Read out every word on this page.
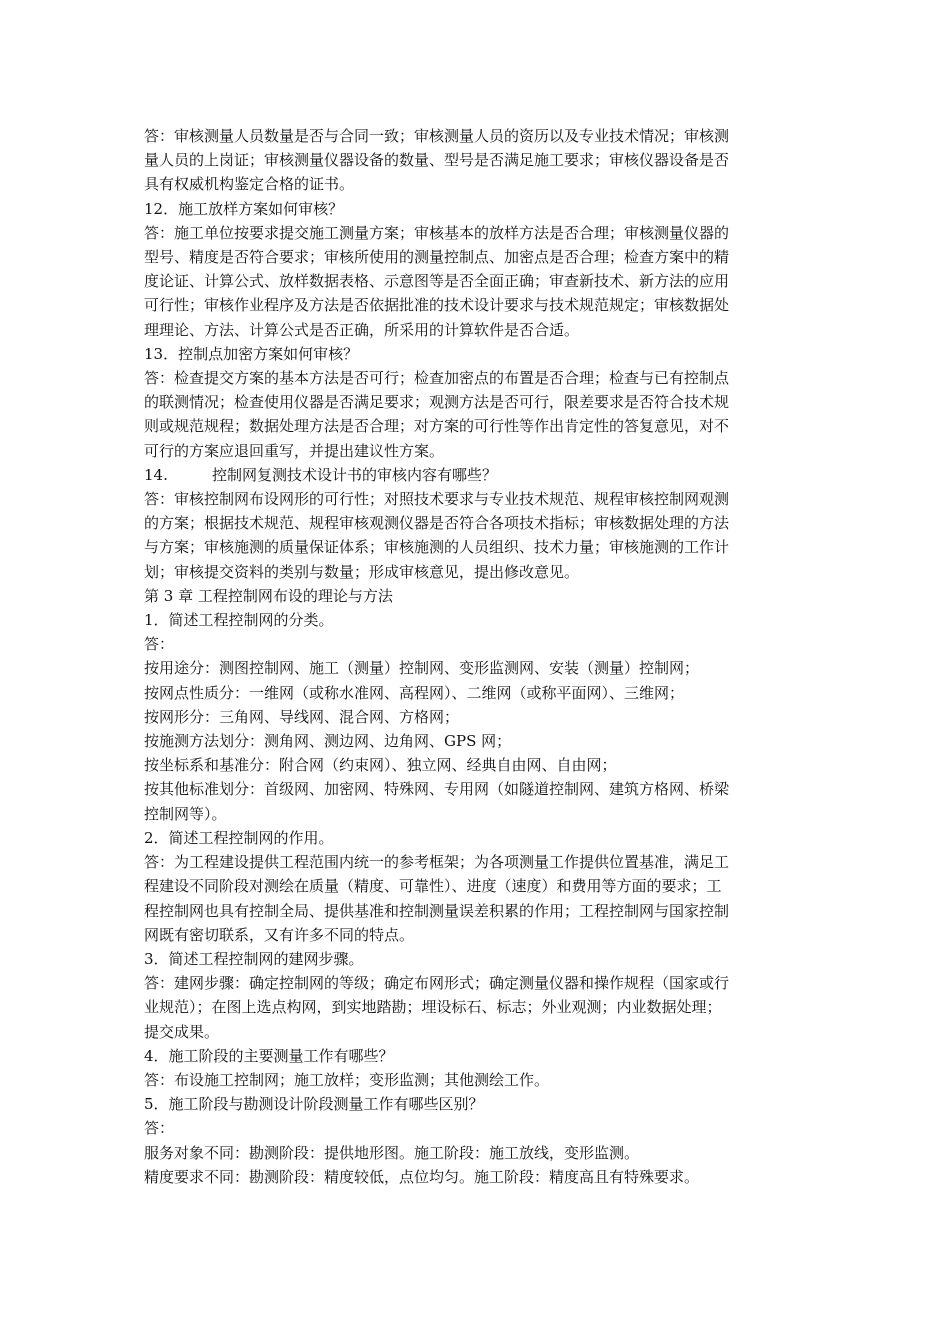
答：审核测量人员数量是否与合同一致；审核测量人员的资历以及专业技术情况；审核测
量人员的上岗证；审核测量仪器设备的数量、型号是否满足施工要求；审核仪器设备是否
具有权威机构鉴定合格的证书。
12．施工放样方案如何审核？
答：施工单位按要求提交施工测量方案；审核基本的放样方法是否合理；审核测量仪器的
型号、精度是否符合要求；审核所使用的测量控制点、加密点是否合理；检查方案中的精
度论证、计算公式、放样数据表格、示意图等是否全面正确；审查新技术、新方法的应用
可行性；审核作业程序及方法是否依据批准的技术设计要求与技术规范规定；审核数据处
理理论、方法、计算公式是否正确，所采用的计算软件是否合适。
13．控制点加密方案如何审核？
答：检查提交方案的基本方法是否可行；检查加密点的布置是否合理；检查与已有控制点
的联测情况；检查使用仪器是否满足要求；观测方法是否可行，限差要求是否符合技术规
则或规范规程；数据处理方法是否合理；对方案的可行性等作出肯定性的答复意见，对不
可行的方案应退回重写，并提出建议性方案。
14.	控制网复测技术设计书的审核内容有哪些？
答：审核控制网布设网形的可行性；对照技术要求与专业技术规范、规程审核控制网观测
的方案；根据技术规范、规程审核观测仪器是否符合各项技术指标；审核数据处理的方法
与方案；审核施测的质量保证体系；审核施测的人员组织、技术力量；审核施测的工作计
划；审核提交资料的类别与数量；形成审核意见，提出修改意见。
第 3 章 工程控制网布设的理论与方法
1．简述工程控制网的分类。
答：
按用途分：测图控制网、施工（测量）控制网、变形监测网、安装（测量）控制网；
按网点性质分：一维网（或称水准网、高程网）、二维网（或称平面网）、三维网；
按网形分：三角网、导线网、混合网、方格网；
按施测方法划分：测角网、测边网、边角网、GPS 网；
按坐标系和基准分：附合网（约束网）、独立网、经典自由网、自由网；
按其他标准划分：首级网、加密网、特殊网、专用网（如隧道控制网、建筑方格网、桥梁
控制网等）。
2．简述工程控制网的作用。
答：为工程建设提供工程范围内统一的参考框架；为各项测量工作提供位置基准，满足工
程建设不同阶段对测绘在质量（精度、可靠性）、进度（速度）和费用等方面的要求；工
程控制网也具有控制全局、提供基准和控制测量误差积累的作用；工程控制网与国家控制
网既有密切联系，又有许多不同的特点。
3．简述工程控制网的建网步骤。
答：建网步骤：确定控制网的等级；确定布网形式；确定测量仪器和操作规程（国家或行
业规范）；在图上选点构网，到实地踏勘；埋设标石、标志；外业观测；内业数据处理；
提交成果。
4．施工阶段的主要测量工作有哪些？
答：布设施工控制网；施工放样；变形监测；其他测绘工作。
5．施工阶段与勘测设计阶段测量工作有哪些区别？
答：
服务对象不同：勘测阶段：提供地形图。施工阶段：施工放线，变形监测。
精度要求不同：勘测阶段：精度较低，点位均匀。施工阶段：精度高且有特殊要求。
